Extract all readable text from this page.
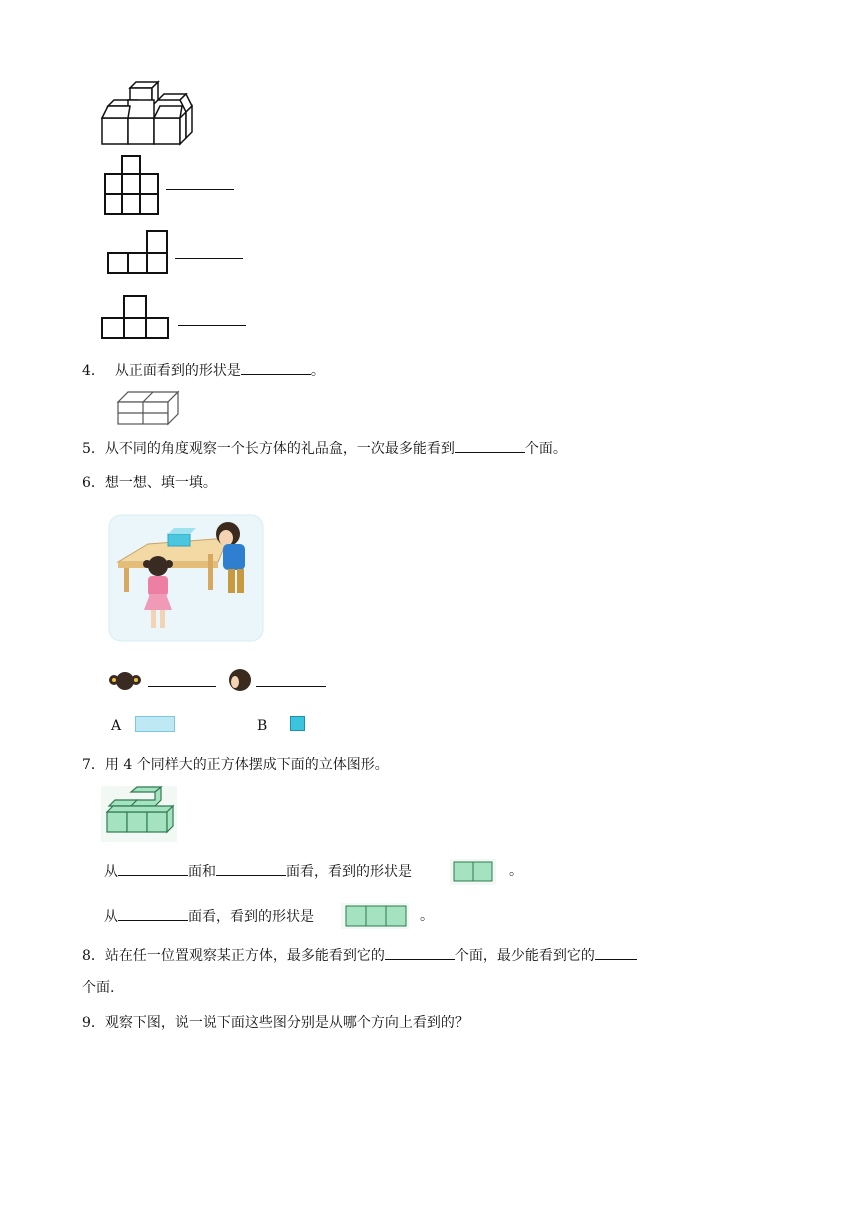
4． 从正面看到的形状是	。
5．从不同的角度观察一个长方体的礼品盒，一次最多能看到	个面。
6．想一想、填一填。
A	B
7．用 4 个同样大的正方体摆成下面的立体图形。
从	面和	面看，看到的形状是	。
从	面看，看到的形状是	。
8．站在任一位置观察某正方体，最多能看到它的	个面，最少能看到它的
个面.
9．观察下图，说一说下面这些图分别是从哪个方向上看到的？
